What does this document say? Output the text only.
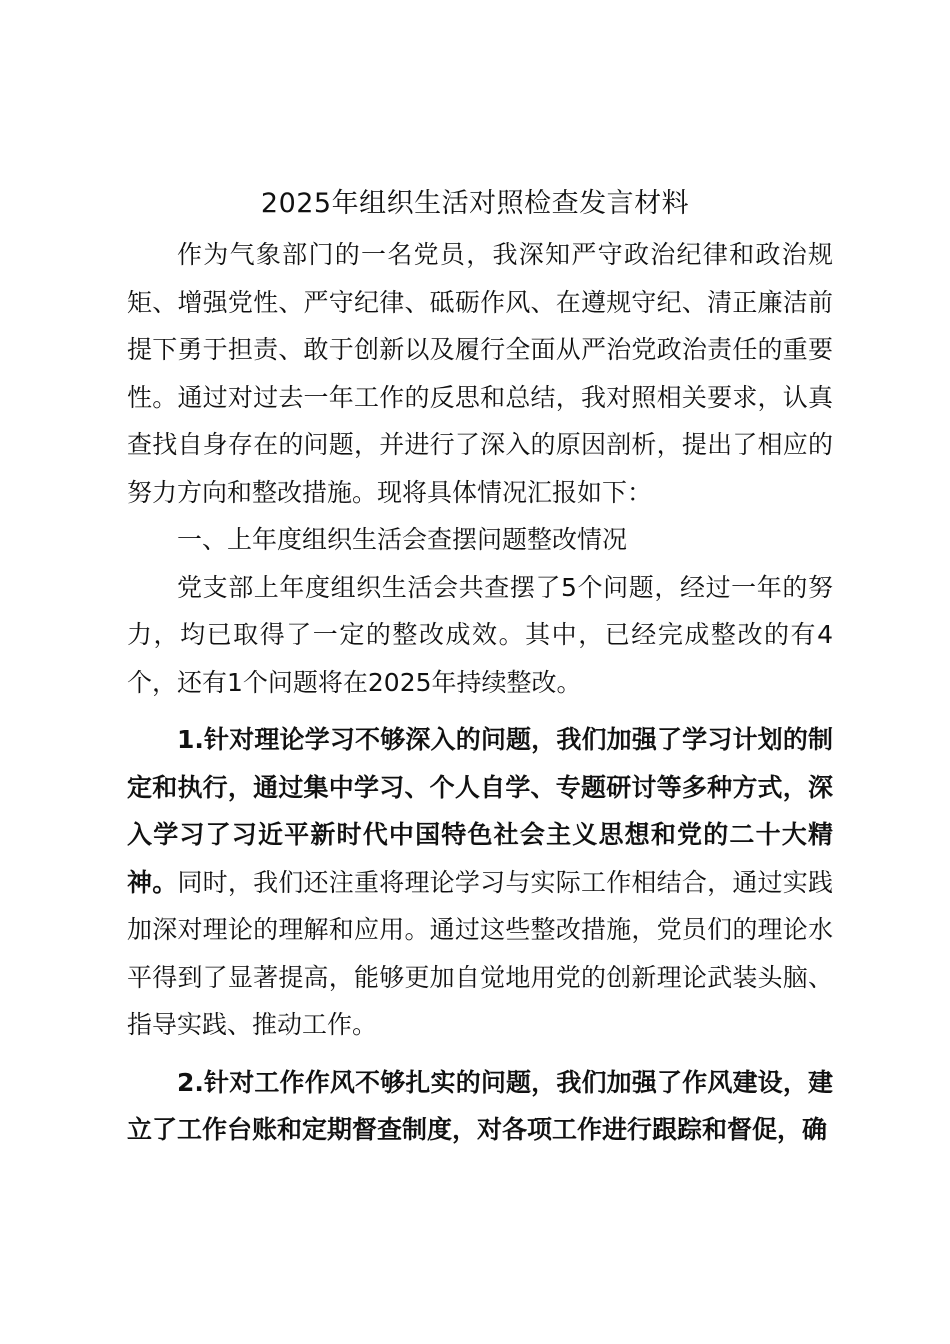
2025年组织生活对照检查发言材料

作为气象部门的一名党员，我深知严守政治纪律和政治规矩、增强党性、严守纪律、砥砺作风、在遵规守纪、清正廉洁前提下勇于担责、敢于创新以及履行全面从严治党政治责任的重要性。通过对过去一年工作的反思和总结，我对照相关要求，认真查找自身存在的问题，并进行了深入的原因剖析，提出了相应的努力方向和整改措施。现将具体情况汇报如下：

一、上年度组织生活会查摆问题整改情况

党支部上年度组织生活会共查摆了5个问题，经过一年的努力，均已取得了一定的整改成效。其中，已经完成整改的有4个，还有1个问题将在2025年持续整改。

1.针对理论学习不够深入的问题，我们加强了学习计划的制定和执行，通过集中学习、个人自学、专题研讨等多种方式，深入学习了习近平新时代中国特色社会主义思想和党的二十大精神。同时，我们还注重将理论学习与实际工作相结合，通过实践加深对理论的理解和应用。通过这些整改措施，党员们的理论水平得到了显著提高，能够更加自觉地用党的创新理论武装头脑、指导实践、推动工作。

2.针对工作作风不够扎实的问题，我们加强了作风建设，建立了工作台账和定期督查制度，对各项工作进行跟踪和督促，确
